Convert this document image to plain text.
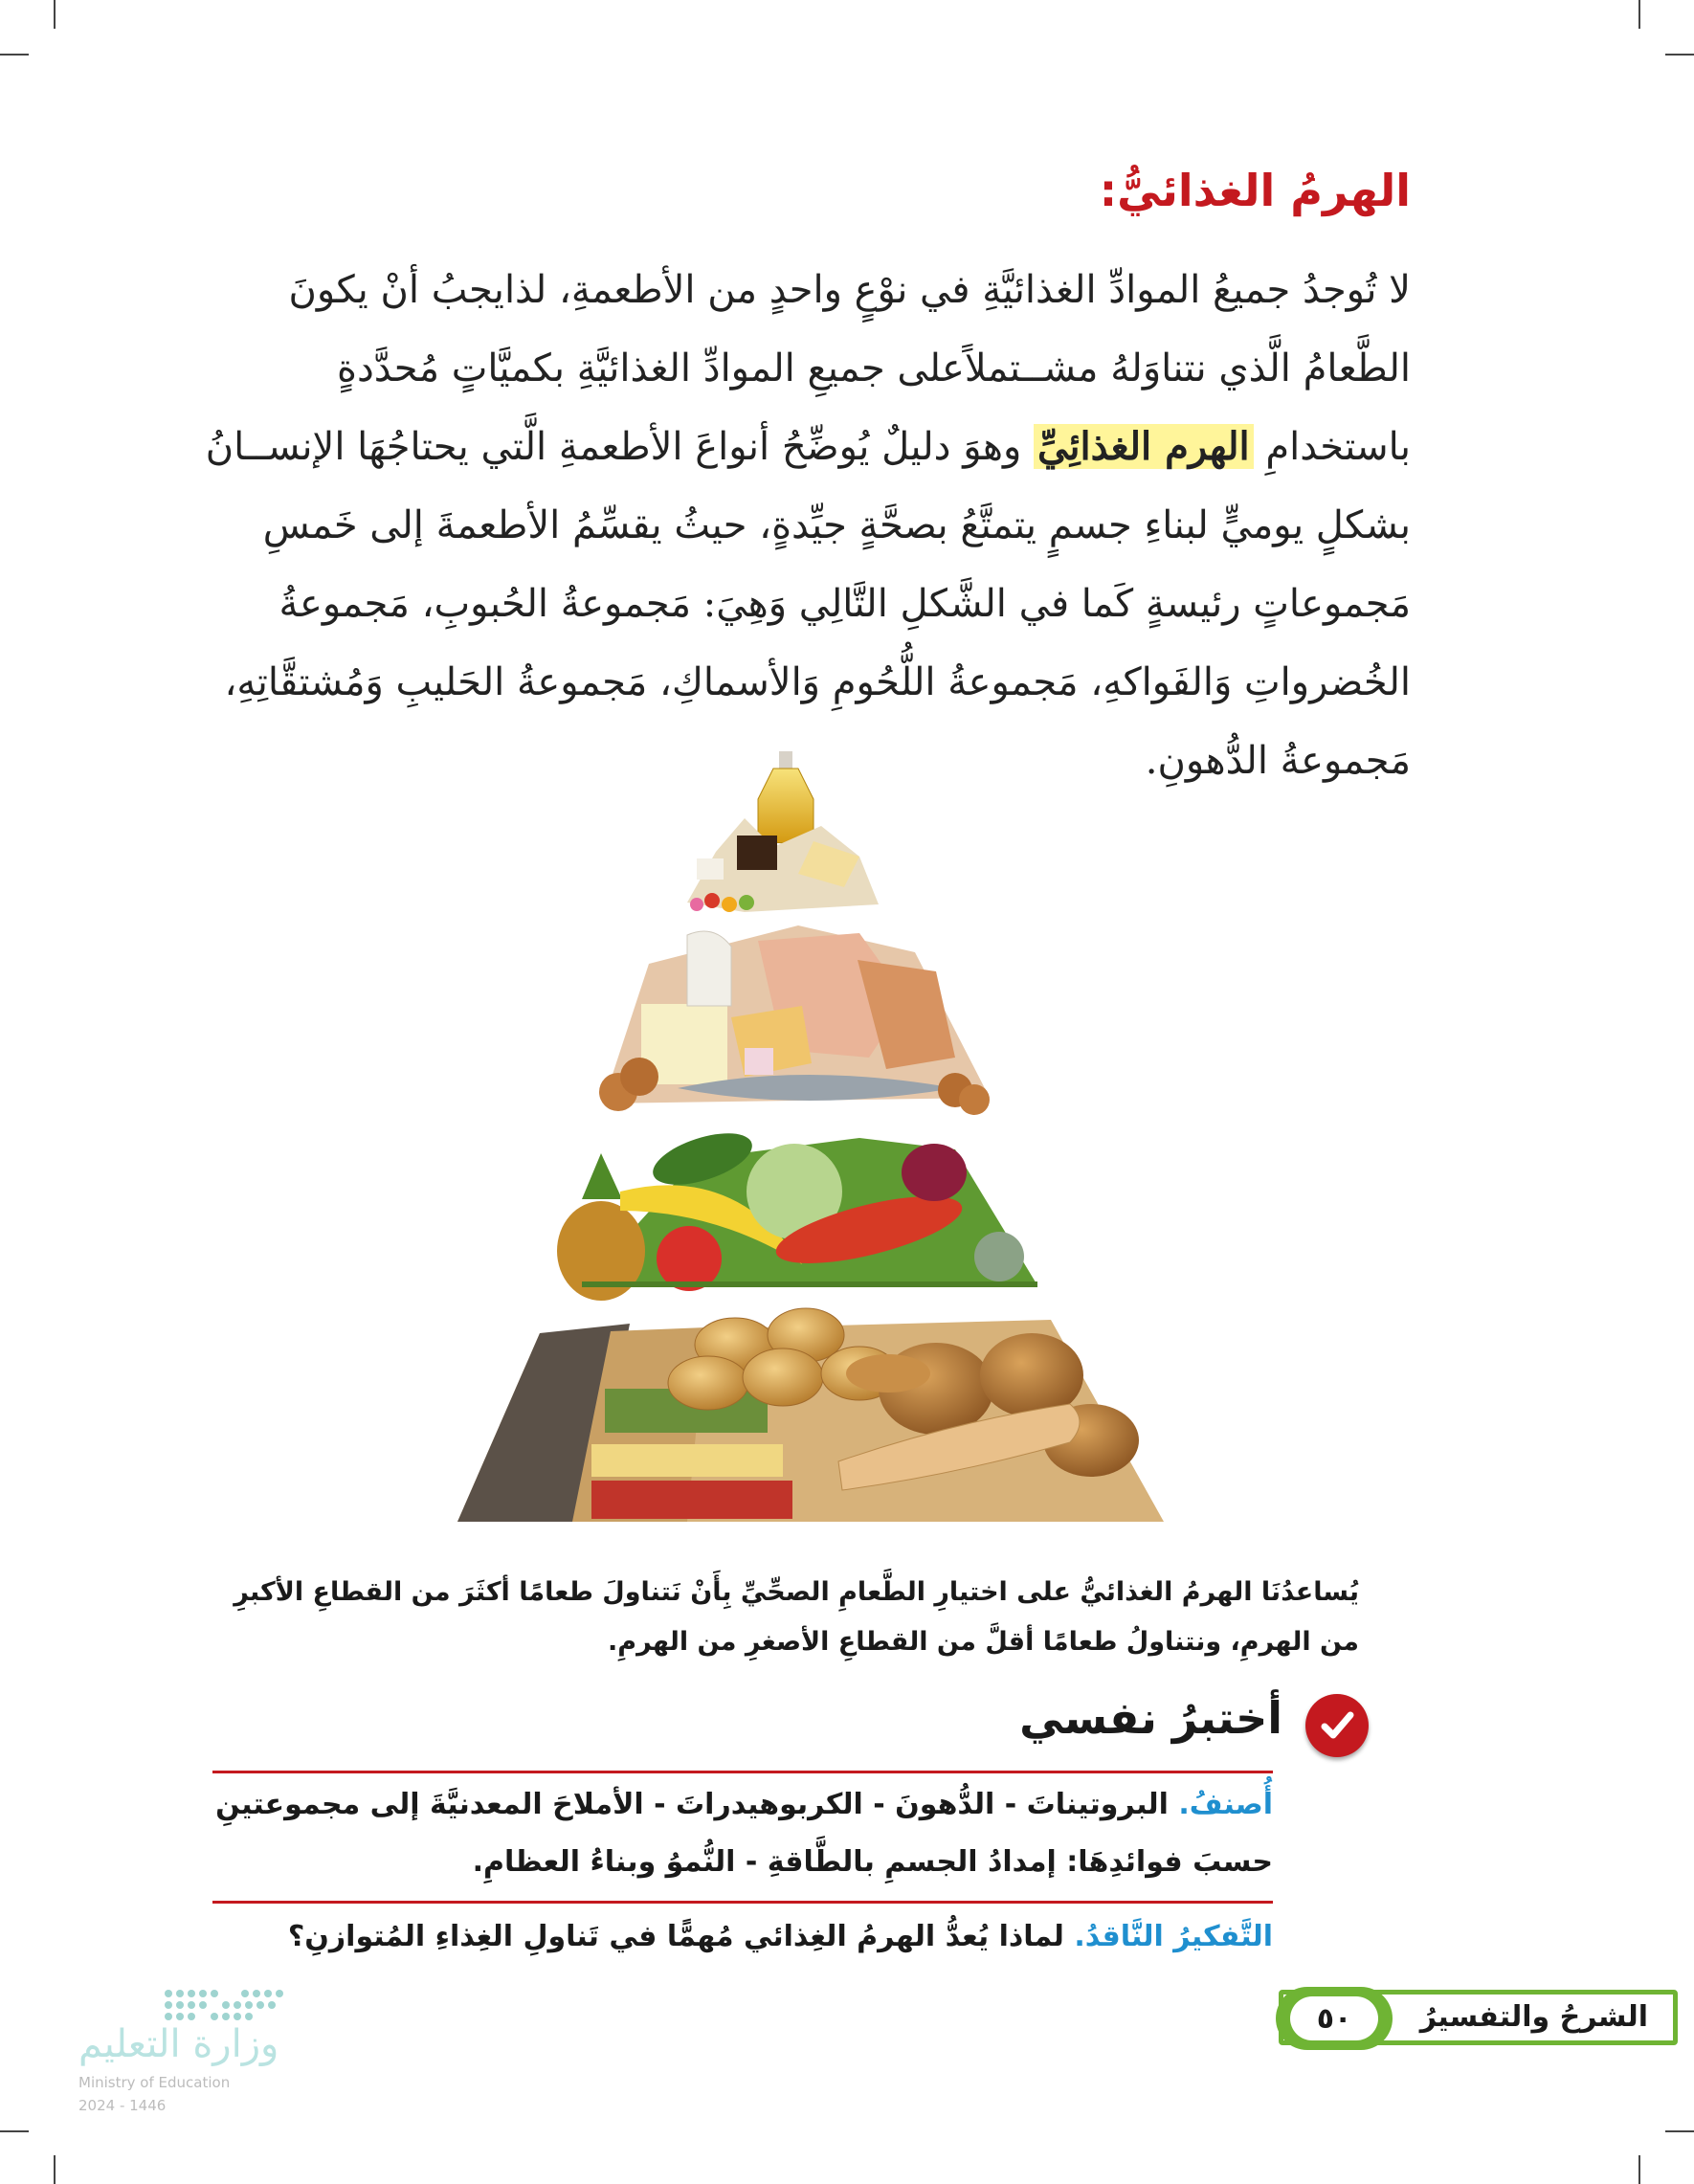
الهرمُ الغذائيُّ:

لا تُوجدُ جميعُ الموادِّ الغذائيَّةِ في نوْعٍ واحدٍ من الأطعمةِ، لذايجبُ أنْ يكونَ الطَّعامُ الَّذي نتناوَلهُ مشــتملاًعلى جميعِ الموادِّ الغذائيَّةِ بكميَّاتٍ مُحدَّدةٍ باستخدامِ الهرم الغذائِيِّ وهوَ دليلٌ يُوضِّحُ أنواعَ الأطعمةِ الَّتي يحتاجُهَا الإنســانُ بشكلٍ يوميٍّ لبناءِ جسمٍ يتمتَّعُ بصحَّةٍ جيِّدةٍ، حيثُ يقسِّمُ الأطعمةَ إلى خَمسِ مَجموعاتٍ رئيسةٍ كَما في الشَّكلِ التَّالِي وَهِيَ: مَجموعةُ الحُبوبِ، مَجموعةُ الخُضرواتِ وَالفَواكهِ، مَجموعةُ اللُّحُومِ وَالأسماكِ، مَجموعةُ الحَليبِ وَمُشتقَّاتِهِ، مَجموعةُ الدُّهونِ.

يُساعدُنَا الهرمُ الغذائيُّ على اختيارِ الطَّعامِ الصحِّيِّ بِأَنْ نَتناولَ طعامًا أكثَرَ من القطاعِ الأكبرِ من الهرمِ، ونتناولُ طعامًا أقلَّ من القطاعِ الأصغرِ من الهرمِ.

أختبرُ نفسي

أُصنفُ. البروتيناتَ - الدُّهونَ - الكربوهيدراتَ - الأملاحَ المعدنيَّةَ إلى مجموعتينِ حسبَ فوائدِهَا: إمدادُ الجسمِ بالطَّاقةِ - النُّموُ وبناءُ العظامِ.

التَّفكيرُ النَّاقدُ. لماذا يُعدُّ الهرمُ الغِذائي مُهمًّا في تَناولِ الغِذاءِ المُتوازنِ؟

٥٠	الشرحُ والتفسيرُ
وزارة التعليم
Ministry of Education
2024 - 1446
